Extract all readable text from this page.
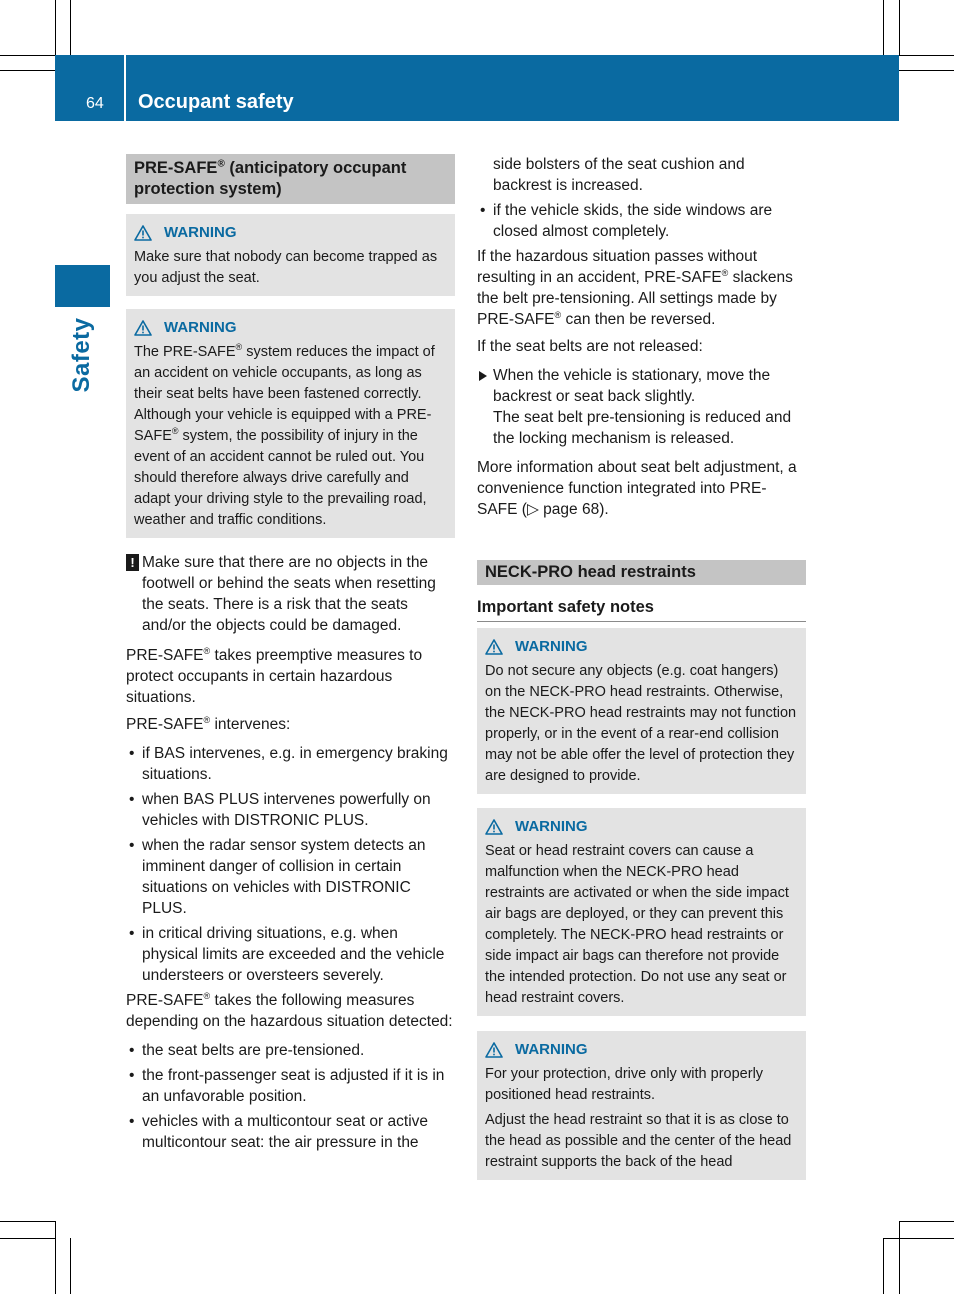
64 Occupant safety
Safety
PRE-SAFE® (anticipatory occupant protection system)
WARNING

Make sure that nobody can become trapped as you adjust the seat.

WARNING

The PRE-SAFE® system reduces the impact of an accident on vehicle occupants, as long as their seat belts have been fastened correctly. Although your vehicle is equipped with a PRE-SAFE® system, the possibility of injury in the event of an accident cannot be ruled out. You should therefore always drive carefully and adapt your driving style to the prevailing road, weather and traffic conditions.

! Make sure that there are no objects in the footwell or behind the seats when resetting the seats. There is a risk that the seats and/or the objects could be damaged.

PRE-SAFE® takes preemptive measures to protect occupants in certain hazardous situations.

PRE-SAFE® intervenes:

• if BAS intervenes, e.g. in emergency braking situations.
• when BAS PLUS intervenes powerfully on vehicles with DISTRONIC PLUS.
• when the radar sensor system detects an imminent danger of collision in certain situations on vehicles with DISTRONIC PLUS.
• in critical driving situations, e.g. when physical limits are exceeded and the vehicle understeers or oversteers severely.

PRE-SAFE® takes the following measures depending on the hazardous situation detected:

• the seat belts are pre-tensioned.
• the front-passenger seat is adjusted if it is in an unfavorable position.
• vehicles with a multicontour seat or active multicontour seat: the air pressure in the

side bolsters of the seat cushion and backrest is increased.

• if the vehicle skids, the side windows are closed almost completely.

If the hazardous situation passes without resulting in an accident, PRE-SAFE® slackens the belt pre-tensioning. All settings made by PRE-SAFE® can then be reversed.

If the seat belts are not released:

When the vehicle is stationary, move the backrest or seat back slightly.
The seat belt pre-tensioning is reduced and the locking mechanism is released.

More information about seat belt adjustment, a convenience function integrated into PRE-SAFE (▷ page 68).

NECK-PRO head restraints
Important safety notes
WARNING

Do not secure any objects (e.g. coat hangers) on the NECK-PRO head restraints. Otherwise, the NECK-PRO head restraints may not function properly, or in the event of a rear-end collision may not be able offer the level of protection they are designed to provide.

WARNING

Seat or head restraint covers can cause a malfunction when the NECK-PRO head restraints are activated or when the side impact air bags are deployed, or they can prevent this completely. The NECK-PRO head restraints or side impact air bags can therefore not provide the intended protection. Do not use any seat or head restraint covers.

WARNING

For your protection, drive only with properly positioned head restraints.

Adjust the head restraint so that it is as close to the head as possible and the center of the head restraint supports the back of the head
